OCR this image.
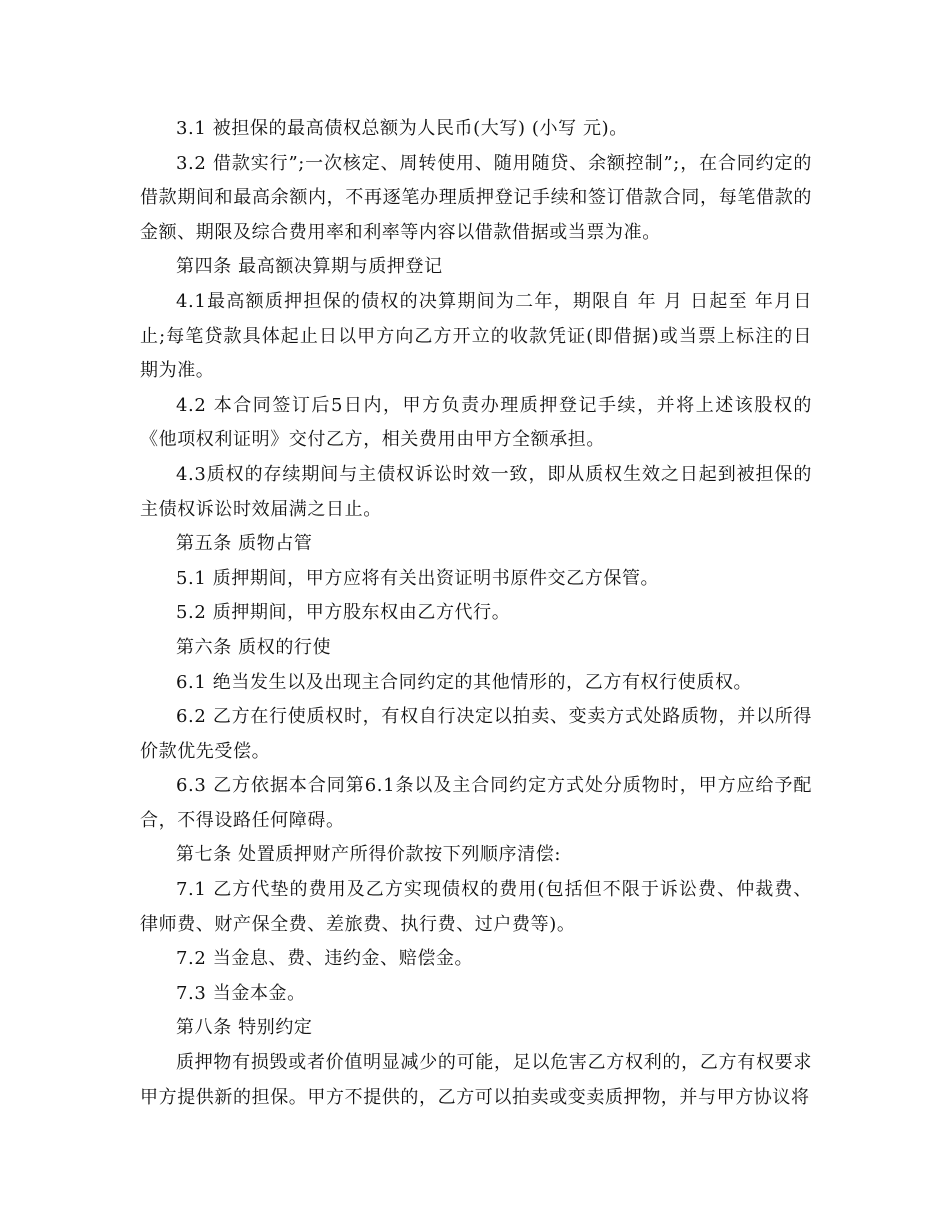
3.1 被担保的最高债权总额为人民币(大写) (小写 元)。

3.2 借款实行”;一次核定、周转使用、随用随贷、余额控制”;，在合同约定的借款期间和最高余额内，不再逐笔办理质押登记手续和签订借款合同，每笔借款的金额、期限及综合费用率和利率等内容以借款借据或当票为准。

第四条 最高额决算期与质押登记

4.1最高额质押担保的债权的决算期间为二年，期限自 年 月 日起至 年月日止;每笔贷款具体起止日以甲方向乙方开立的收款凭证(即借据)或当票上标注的日期为准。

4.2 本合同签订后5日内，甲方负责办理质押登记手续，并将上述该股权的《他项权利证明》交付乙方，相关费用由甲方全额承担。

4.3质权的存续期间与主债权诉讼时效一致，即从质权生效之日起到被担保的主债权诉讼时效届满之日止。

第五条 质物占管

5.1 质押期间，甲方应将有关出资证明书原件交乙方保管。

5.2 质押期间，甲方股东权由乙方代行。

第六条 质权的行使

6.1 绝当发生以及出现主合同约定的其他情形的，乙方有权行使质权。

6.2 乙方在行使质权时，有权自行决定以拍卖、变卖方式处路质物，并以所得价款优先受偿。

6.3 乙方依据本合同第6.1条以及主合同约定方式处分质物时，甲方应给予配合，不得设路任何障碍。

第七条 处置质押财产所得价款按下列顺序清偿:

7.1 乙方代垫的费用及乙方实现债权的费用(包括但不限于诉讼费、仲裁费、律师费、财产保全费、差旅费、执行费、过户费等)。

7.2 当金息、费、违约金、赔偿金。

7.3 当金本金。

第八条 特别约定

质押物有损毁或者价值明显减少的可能，足以危害乙方权利的，乙方有权要求甲方提供新的担保。甲方不提供的，乙方可以拍卖或变卖质押物，并与甲方协议将
